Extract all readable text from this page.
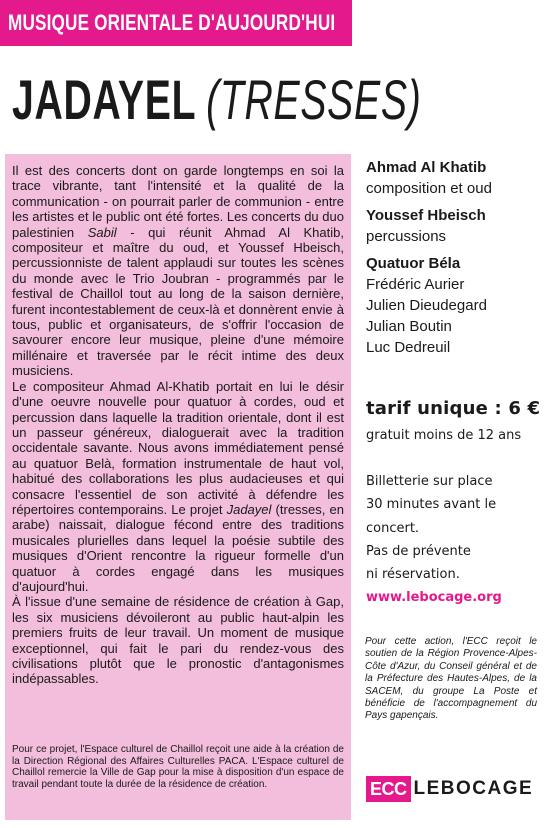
MUSIQUE ORIENTALE D'AUJOURD'HUI
JADAYEL (TRESSES)

Il est des concerts dont on garde longtemps en soi la trace vibrante, tant l'intensité et la qualité de la communication - on pourrait parler de communion - entre les artistes et le public ont été fortes. Les concerts du duo palestinien Sabil - qui réunit Ahmad Al Khatib, compositeur et maître du oud, et Youssef Hbeisch, percussionniste de talent applaudi sur toutes les scènes du monde avec le Trio Joubran - programmés par le festival de Chaillol tout au long de la saison dernière, furent incontestablement de ceux-là et donnèrent envie à tous, public et organisateurs, de s'offrir l'occasion de savourer encore leur musique, pleine d'une mémoire millénaire et traversée par le récit intime des deux musiciens.

Le compositeur Ahmad Al-Khatib portait en lui le désir d'une oeuvre nouvelle pour quatuor à cordes, oud et percussion dans laquelle la tradition orientale, dont il est un passeur généreux, dialoguerait avec la tradition occidentale savante. Nous avons immédiatement pensé au quatuor Belà, formation instrumentale de haut vol, habitué des collaborations les plus audacieuses et qui consacre l'essentiel de son activité à défendre les répertoires contemporains. Le projet Jadayel (tresses, en arabe) naissait, dialogue fécond entre des traditions musicales plurielles dans lequel la poésie subtile des musiques d'Orient rencontre la rigueur formelle d'un quatuor à cordes engagé dans les musiques d'aujourd'hui.

À l'issue d'une semaine de résidence de création à Gap, les six musiciens dévoileront au public haut-alpin les premiers fruits de leur travail. Un moment de musique exceptionnel, qui fait le pari du rendez-vous des civilisations plutôt que le pronostic d'antagonismes indépassables.

Pour ce projet, l'Espace culturel de Chaillol reçoit une aide à la création de la Direction Régional des Affaires Culturelles PACA. L'Espace culturel de Chaillol remercie la Ville de Gap pour la mise à disposition d'un espace de travail pendant toute la durée de la résidence de création.
Ahmad Al Khatib
composition et oud
Youssef Hbeisch
percussions
Quatuor Béla
Frédéric Aurier
Julien Dieudegard
Julian Boutin
Luc Dedreuil
tarif unique : 6 €
gratuit moins de 12 ans
Billetterie sur place
30 minutes avant le
concert.
Pas de prévente
ni réservation.
www.lebocage.org
Pour cette action, l'ECC reçoit le soutien de la Région Provence-Alpes-Côte d'Azur, du Conseil général et de la Préfecture des Hautes-Alpes, de la SACEM, du groupe La Poste et bénéficie de l'accompagnement du Pays gapençais.
ECC LEBOCAGE
